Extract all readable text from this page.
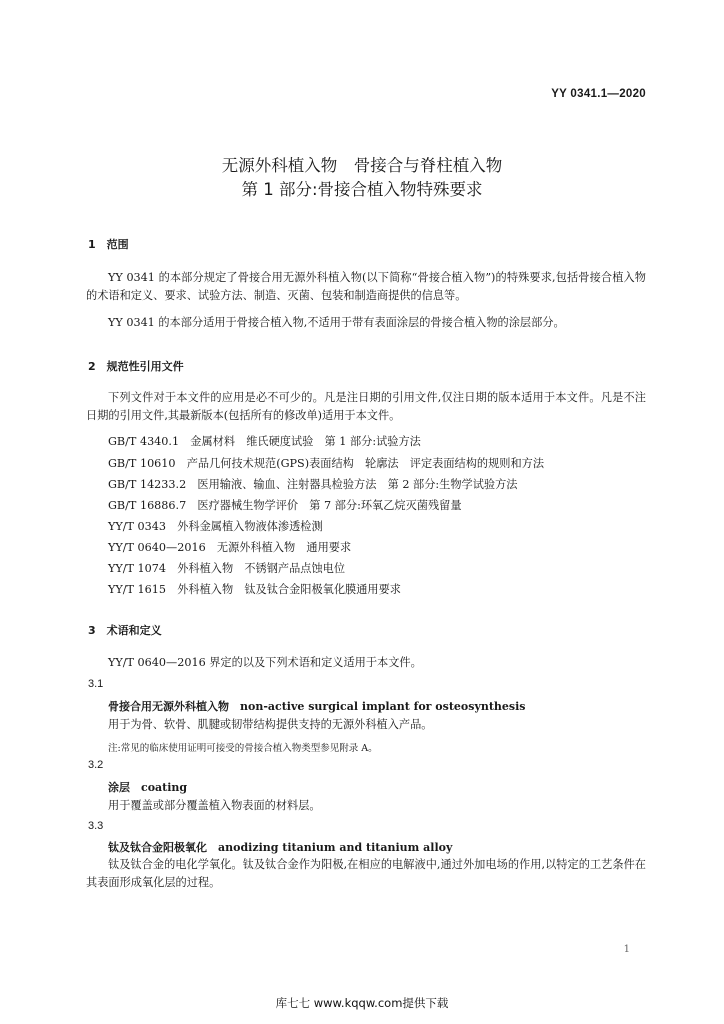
YY 0341.1—2020
无源外科植入物　骨接合与脊柱植入物
第 1 部分:骨接合植入物特殊要求
1　范围
YY 0341 的本部分规定了骨接合用无源外科植入物(以下简称“骨接合植入物”)的特殊要求,包括骨接合植入物的术语和定义、要求、试验方法、制造、灭菌、包装和制造商提供的信息等。
YY 0341 的本部分适用于骨接合植入物,不适用于带有表面涂层的骨接合植入物的涂层部分。
2　规范性引用文件
下列文件对于本文件的应用是必不可少的。凡是注日期的引用文件,仅注日期的版本适用于本文件。凡是不注日期的引用文件,其最新版本(包括所有的修改单)适用于本文件。
GB/T 4340.1　金属材料　维氏硬度试验　第 1 部分:试验方法
GB/T 10610　产品几何技术规范(GPS)表面结构　轮廓法　评定表面结构的规则和方法
GB/T 14233.2　医用输液、输血、注射器具检验方法　第 2 部分:生物学试验方法
GB/T 16886.7　医疗器械生物学评价　第 7 部分:环氧乙烷灭菌残留量
YY/T 0343　外科金属植入物液体渗透检测
YY/T 0640—2016　无源外科植入物　通用要求
YY/T 1074　外科植入物　不锈钢产品点蚀电位
YY/T 1615　外科植入物　钛及钛合金阳极氧化膜通用要求
3　术语和定义
YY/T 0640—2016 界定的以及下列术语和定义适用于本文件。
3.1
骨接合用无源外科植入物　 non-active surgical implant for osteosynthesis
用于为骨、软骨、肌腱或韧带结构提供支持的无源外科植入产品。
注:常见的临床使用证明可接受的骨接合植入物类型参见附录 A。
3.2
涂层　 coating
用于覆盖或部分覆盖植入物表面的材料层。
3.3
钛及钛合金阳极氧化　 anodizing titanium and titanium alloy
钛及钛合金的电化学氧化。钛及钛合金作为阳极,在相应的电解液中,通过外加电场的作用,以特定的工艺条件在其表面形成氧化层的过程。
1
库七七 www.kqqw.com提供下载
